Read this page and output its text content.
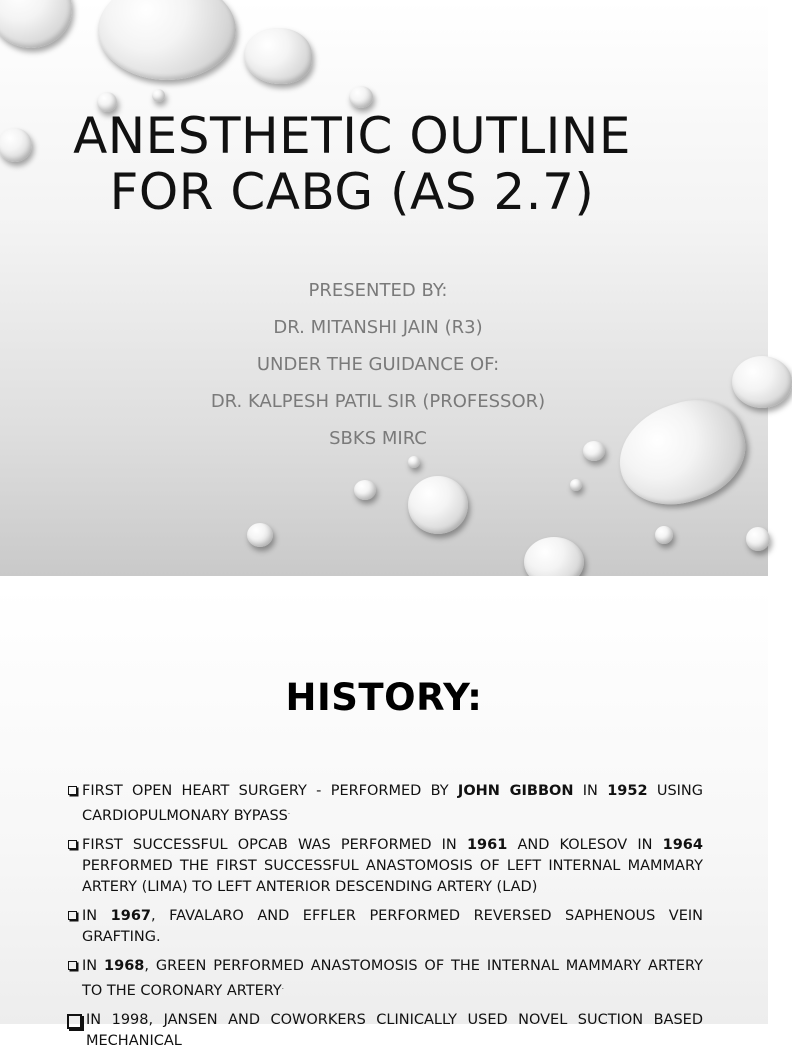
ANESTHETIC OUTLINE
FOR CABG (AS 2.7)
PRESENTED BY:
DR. MITANSHI JAIN (R3)
UNDER THE GUIDANCE OF:
DR. KALPESH PATIL SIR (PROFESSOR)
SBKS MIRC
HISTORY:
FIRST OPEN HEART SURGERY - PERFORMED BY JOHN GIBBON IN 1952 USING CARDIOPULMONARY BYPASS.
FIRST SUCCESSFUL OPCAB WAS PERFORMED IN 1961 AND KOLESOV IN 1964 PERFORMED THE FIRST SUCCESSFUL ANASTOMOSIS OF LEFT INTERNAL MAMMARY ARTERY (LIMA) TO LEFT ANTERIOR DESCENDING ARTERY (LAD)
IN 1967, FAVALARO AND EFFLER PERFORMED REVERSED SAPHENOUS VEIN GRAFTING.
IN 1968, GREEN PERFORMED ANASTOMOSIS OF THE INTERNAL MAMMARY ARTERY TO THE CORONARY ARTERY.
IN 1998, JANSEN AND COWORKERS CLINICALLY USED NOVEL SUCTION BASED MECHANICAL
